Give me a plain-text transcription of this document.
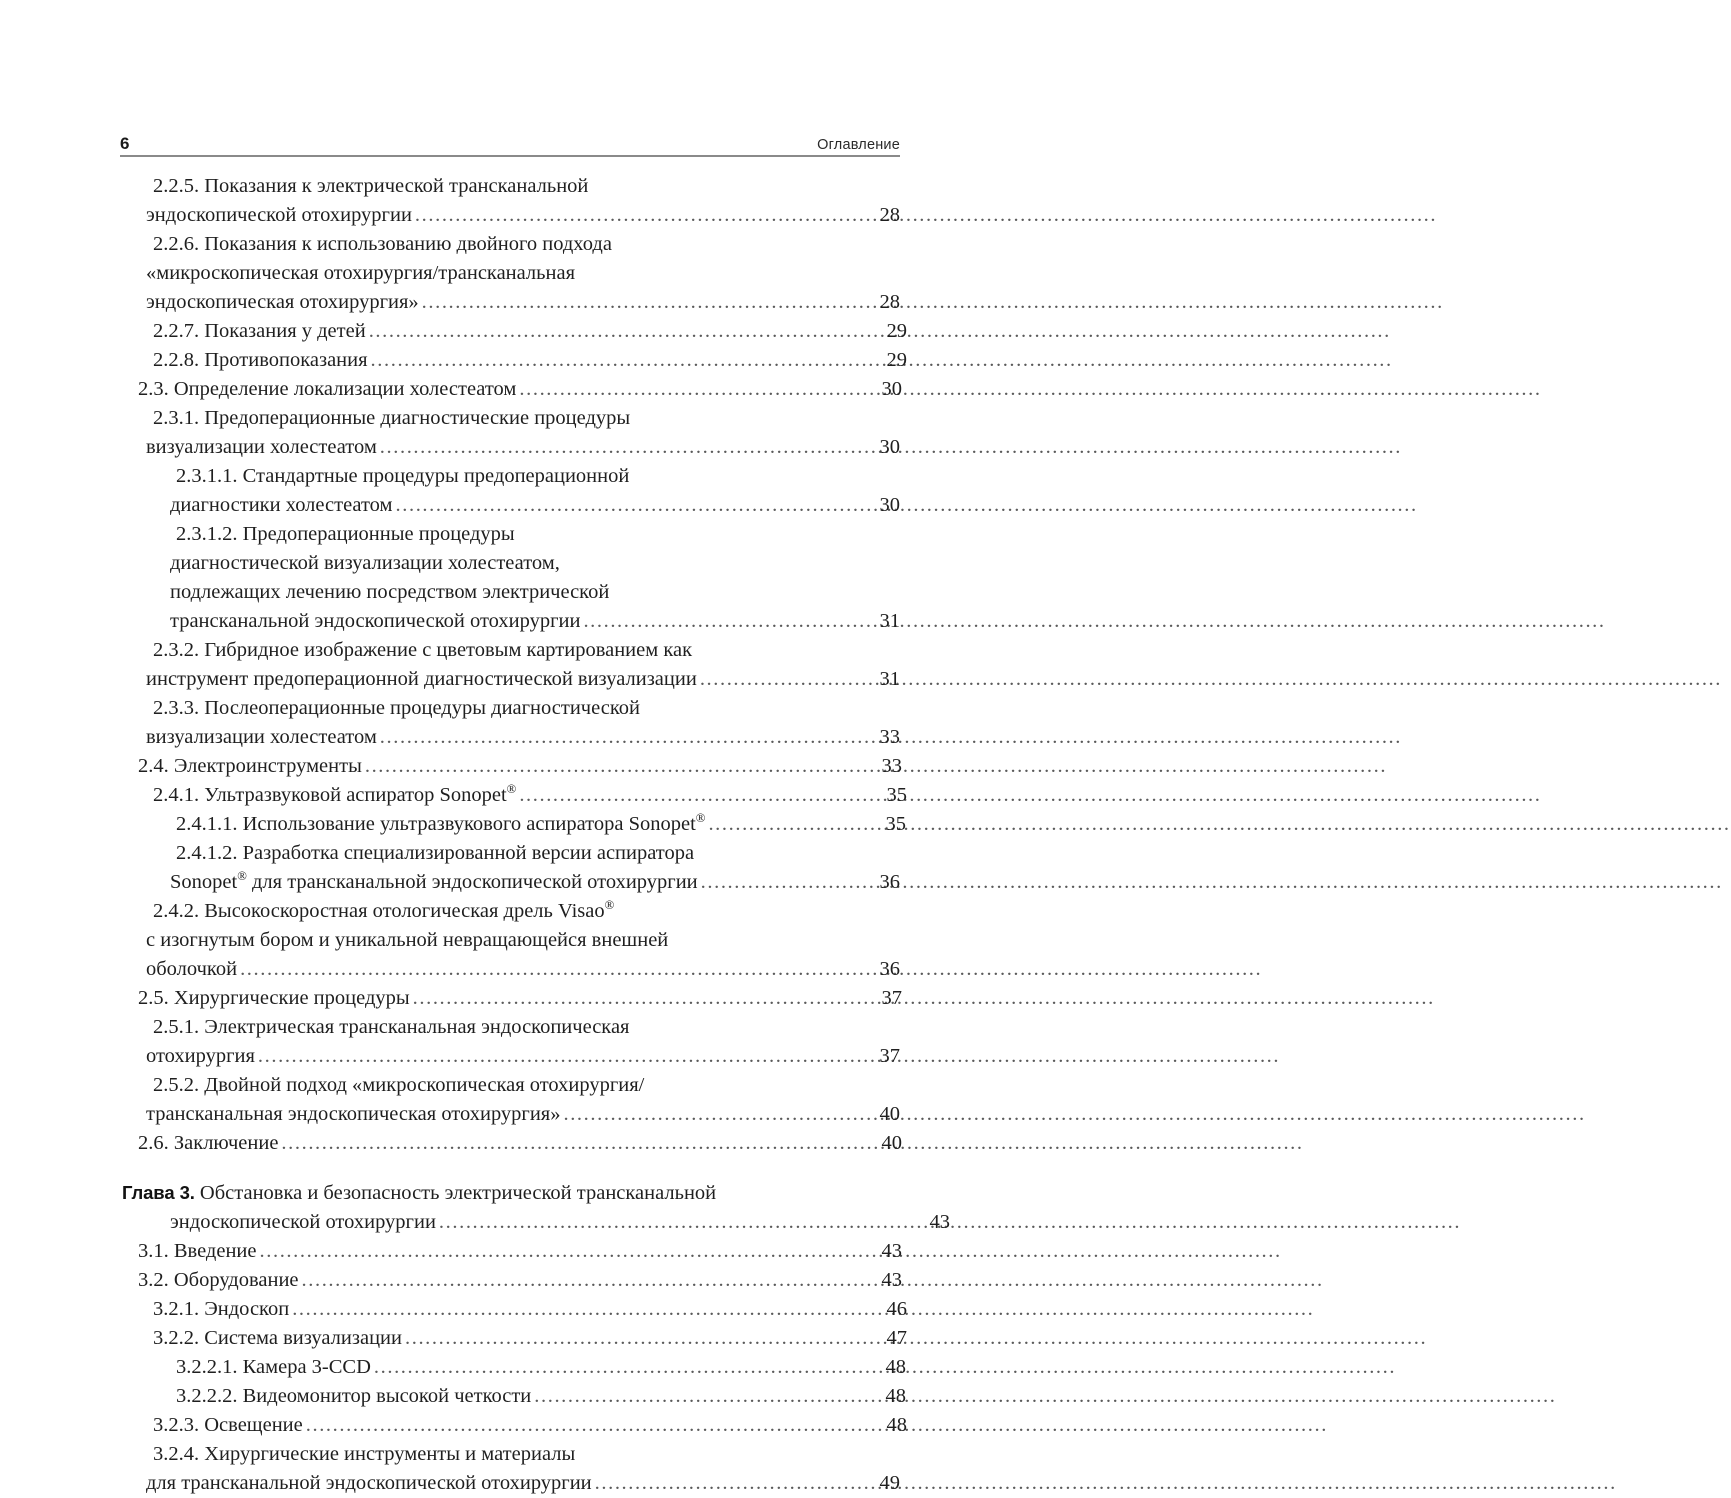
6	Оглавление
2.2.5. Показания к электрической трансканальной
эндоскопической отохирургии .....	28
2.2.6. Показания к использованию двойного подхода
«микроскопическая отохирургия/трансканальная
эндоскопическая отохирургия» .....	28
2.2.7. Показания у детей .....	29
2.2.8. Противопоказания .....	29
2.3. Определение локализации холестеатом .....	30
2.3.1. Предоперационные диагностические процедуры
визуализации холестеатом .....	30
2.3.1.1. Стандартные процедуры предоперационной
диагностики холестеатом .....	30
2.3.1.2. Предоперационные процедуры
диагностической визуализации холестеатом,
подлежащих лечению посредством электрической
трансканальной эндоскопической отохирургии .....	31
2.3.2. Гибридное изображение с цветовым картированием как
инструмент предоперационной диагностической визуализации .....	31
2.3.3. Послеоперационные процедуры диагностической
визуализации холестеатом .....	33
2.4. Электроинструменты .....	33
2.4.1. Ультразвуковой аспиратор Sonopet® .....	35
2.4.1.1. Использование ультразвукового аспиратора Sonopet® .....	35
2.4.1.2. Разработка специализированной версии аспиратора
Sonopet® для трансканальной эндоскопической отохирургии .....	36
2.4.2. Высокоскоростная отологическая дрель Visao®
с изогнутым бором и уникальной невращающейся внешней
оболочкой .....	36
2.5. Хирургические процедуры .....	37
2.5.1. Электрическая трансканальная эндоскопическая
отохирургия .....	37
2.5.2. Двойной подход «микроскопическая отохирургия/
трансканальная эндоскопическая отохирургия» .....	40
2.6. Заключение .....	40
Глава 3. Обстановка и безопасность электрической трансканальной
эндоскопической отохирургии .....	43
3.1. Введение .....	43
3.2. Оборудование .....	43
3.2.1. Эндоскоп .....	46
3.2.2. Система визуализации .....	47
3.2.2.1. Камера 3-CCD .....	48
3.2.2.2. Видеомонитор высокой четкости .....	48
3.2.3. Освещение .....	48
3.2.4. Хирургические инструменты и материалы
для трансканальной эндоскопической отохирургии .....	49
